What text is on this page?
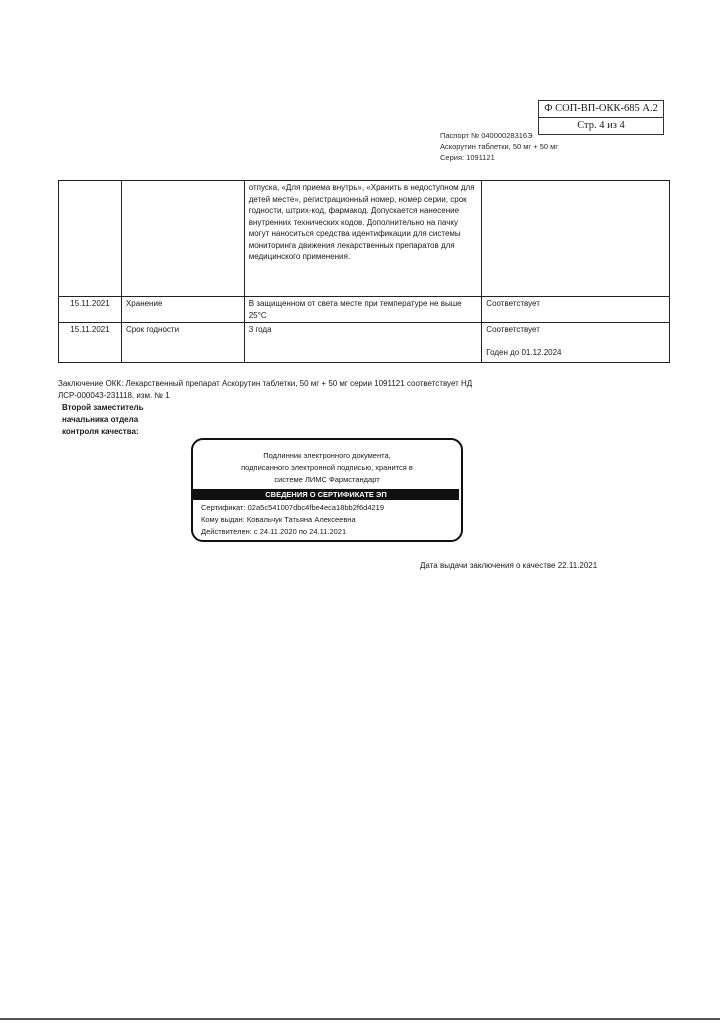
Ф СОП-ВП-ОКК-685 А.2
Стр. 4 из 4
Паспорт № 04000028316Э
Аскорутин таблетки, 50 мг + 50 мг
Серия: 1091121
		отпуска, «Для приема внутрь», «Хранить в недоступном для детей месте», регистрационный номер, номер серии, срок годности, штрих-код, фармакод. Допускается нанесение внутренних технических кодов. Дополнительно на пачку могут наноситься средства идентификации для системы мониторинга движения лекарственных препаратов для медицинского применения.	
15.11.2021	Хранение	В защищенном от света месте при температуре не выше 25°С	Соответствует
15.11.2021	Срок годности	3 года	Соответствует
Годен до 01.12.2024
Заключение ОКК: Лекарственный препарат Аскорутин таблетки, 50 мг + 50 мг серии 1091121 соответствует НД ЛСР-000043-231118, изм. № 1
Второй заместитель
начальника отдела
контроля качества:
Подлинник электронного документа,
подписанного электронной подписью, хранится в
системе ЛИМС Фармстандарт
СВЕДЕНИЯ О СЕРТИФИКАТЕ ЭП
Сертификат: 02a5c541007dbc4fbe4eca18bb2f6d4219
Кому выдан: Ковальчук Татьяна Алексеевна
Действителен: с 24.11.2020 по 24.11.2021
Дата выдачи заключения о качестве 22.11.2021
